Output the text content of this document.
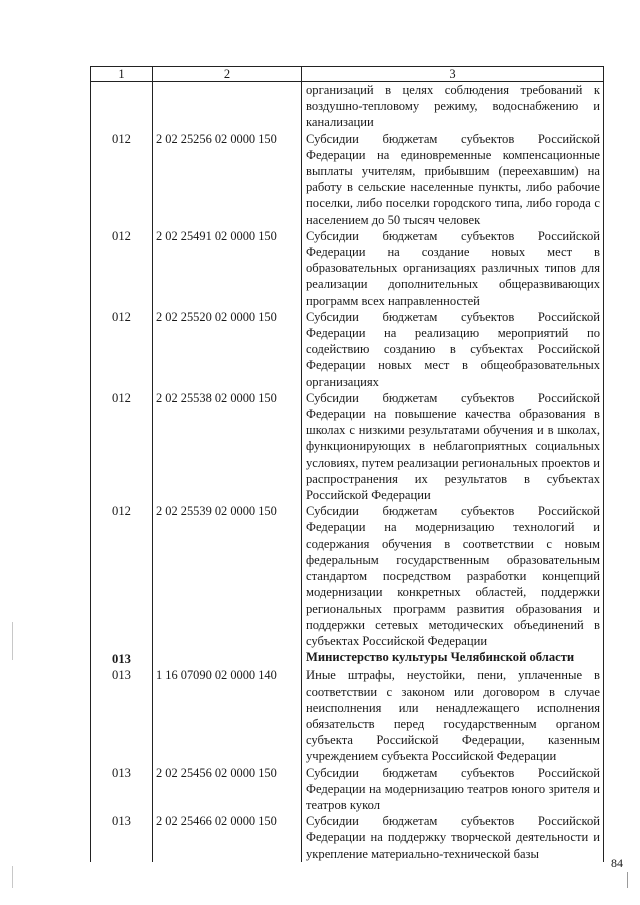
1	2	3
		организаций в целях соблюдения требований к воздушно-тепловому режиму, водоснабжению и канализации
012	2 02 25256 02 0000 150	Субсидии бюджетам субъектов Российской Федерации на единовременные компенсационные выплаты учителям, прибывшим (переехавшим) на работу в сельские населенные пункты, либо рабочие поселки, либо поселки городского типа, либо города с населением до 50 тысяч человек
012	2 02 25491 02 0000 150	Субсидии бюджетам субъектов Российской Федерации на создание новых мест в образовательных организациях различных типов для реализации дополнительных общеразвивающих программ всех направленностей
012	2 02 25520 02 0000 150	Субсидии бюджетам субъектов Российской Федерации на реализацию мероприятий по содействию созданию в субъектах Российской Федерации новых мест в общеобразовательных организациях
012	2 02 25538 02 0000 150	Субсидии бюджетам субъектов Российской Федерации на повышение качества образования в школах с низкими результатами обучения и в школах, функционирующих в неблагоприятных социальных условиях, путем реализации региональных проектов и распространения их результатов в субъектах Российской Федерации
012	2 02 25539 02 0000 150	Субсидии бюджетам субъектов Российской Федерации на модернизацию технологий и содержания обучения в соответствии с новым федеральным государственным образовательным стандартом посредством разработки концепций модернизации конкретных областей, поддержки региональных программ развития образования и поддержки сетевых методических объединений в субъектах Российской Федерации
013		Министерство культуры Челябинской области
013	1 16 07090 02 0000 140	Иные штрафы, неустойки, пени, уплаченные в соответствии с законом или договором в случае неисполнения или ненадлежащего исполнения обязательств перед государственным органом субъекта Российской Федерации, казенным учреждением субъекта Российской Федерации
013	2 02 25456 02 0000 150	Субсидии бюджетам субъектов Российской Федерации на модернизацию театров юного зрителя и театров кукол
013	2 02 25466 02 0000 150	Субсидии бюджетам субъектов Российской Федерации на поддержку творческой деятельности и укрепление материально-технической базы
84
